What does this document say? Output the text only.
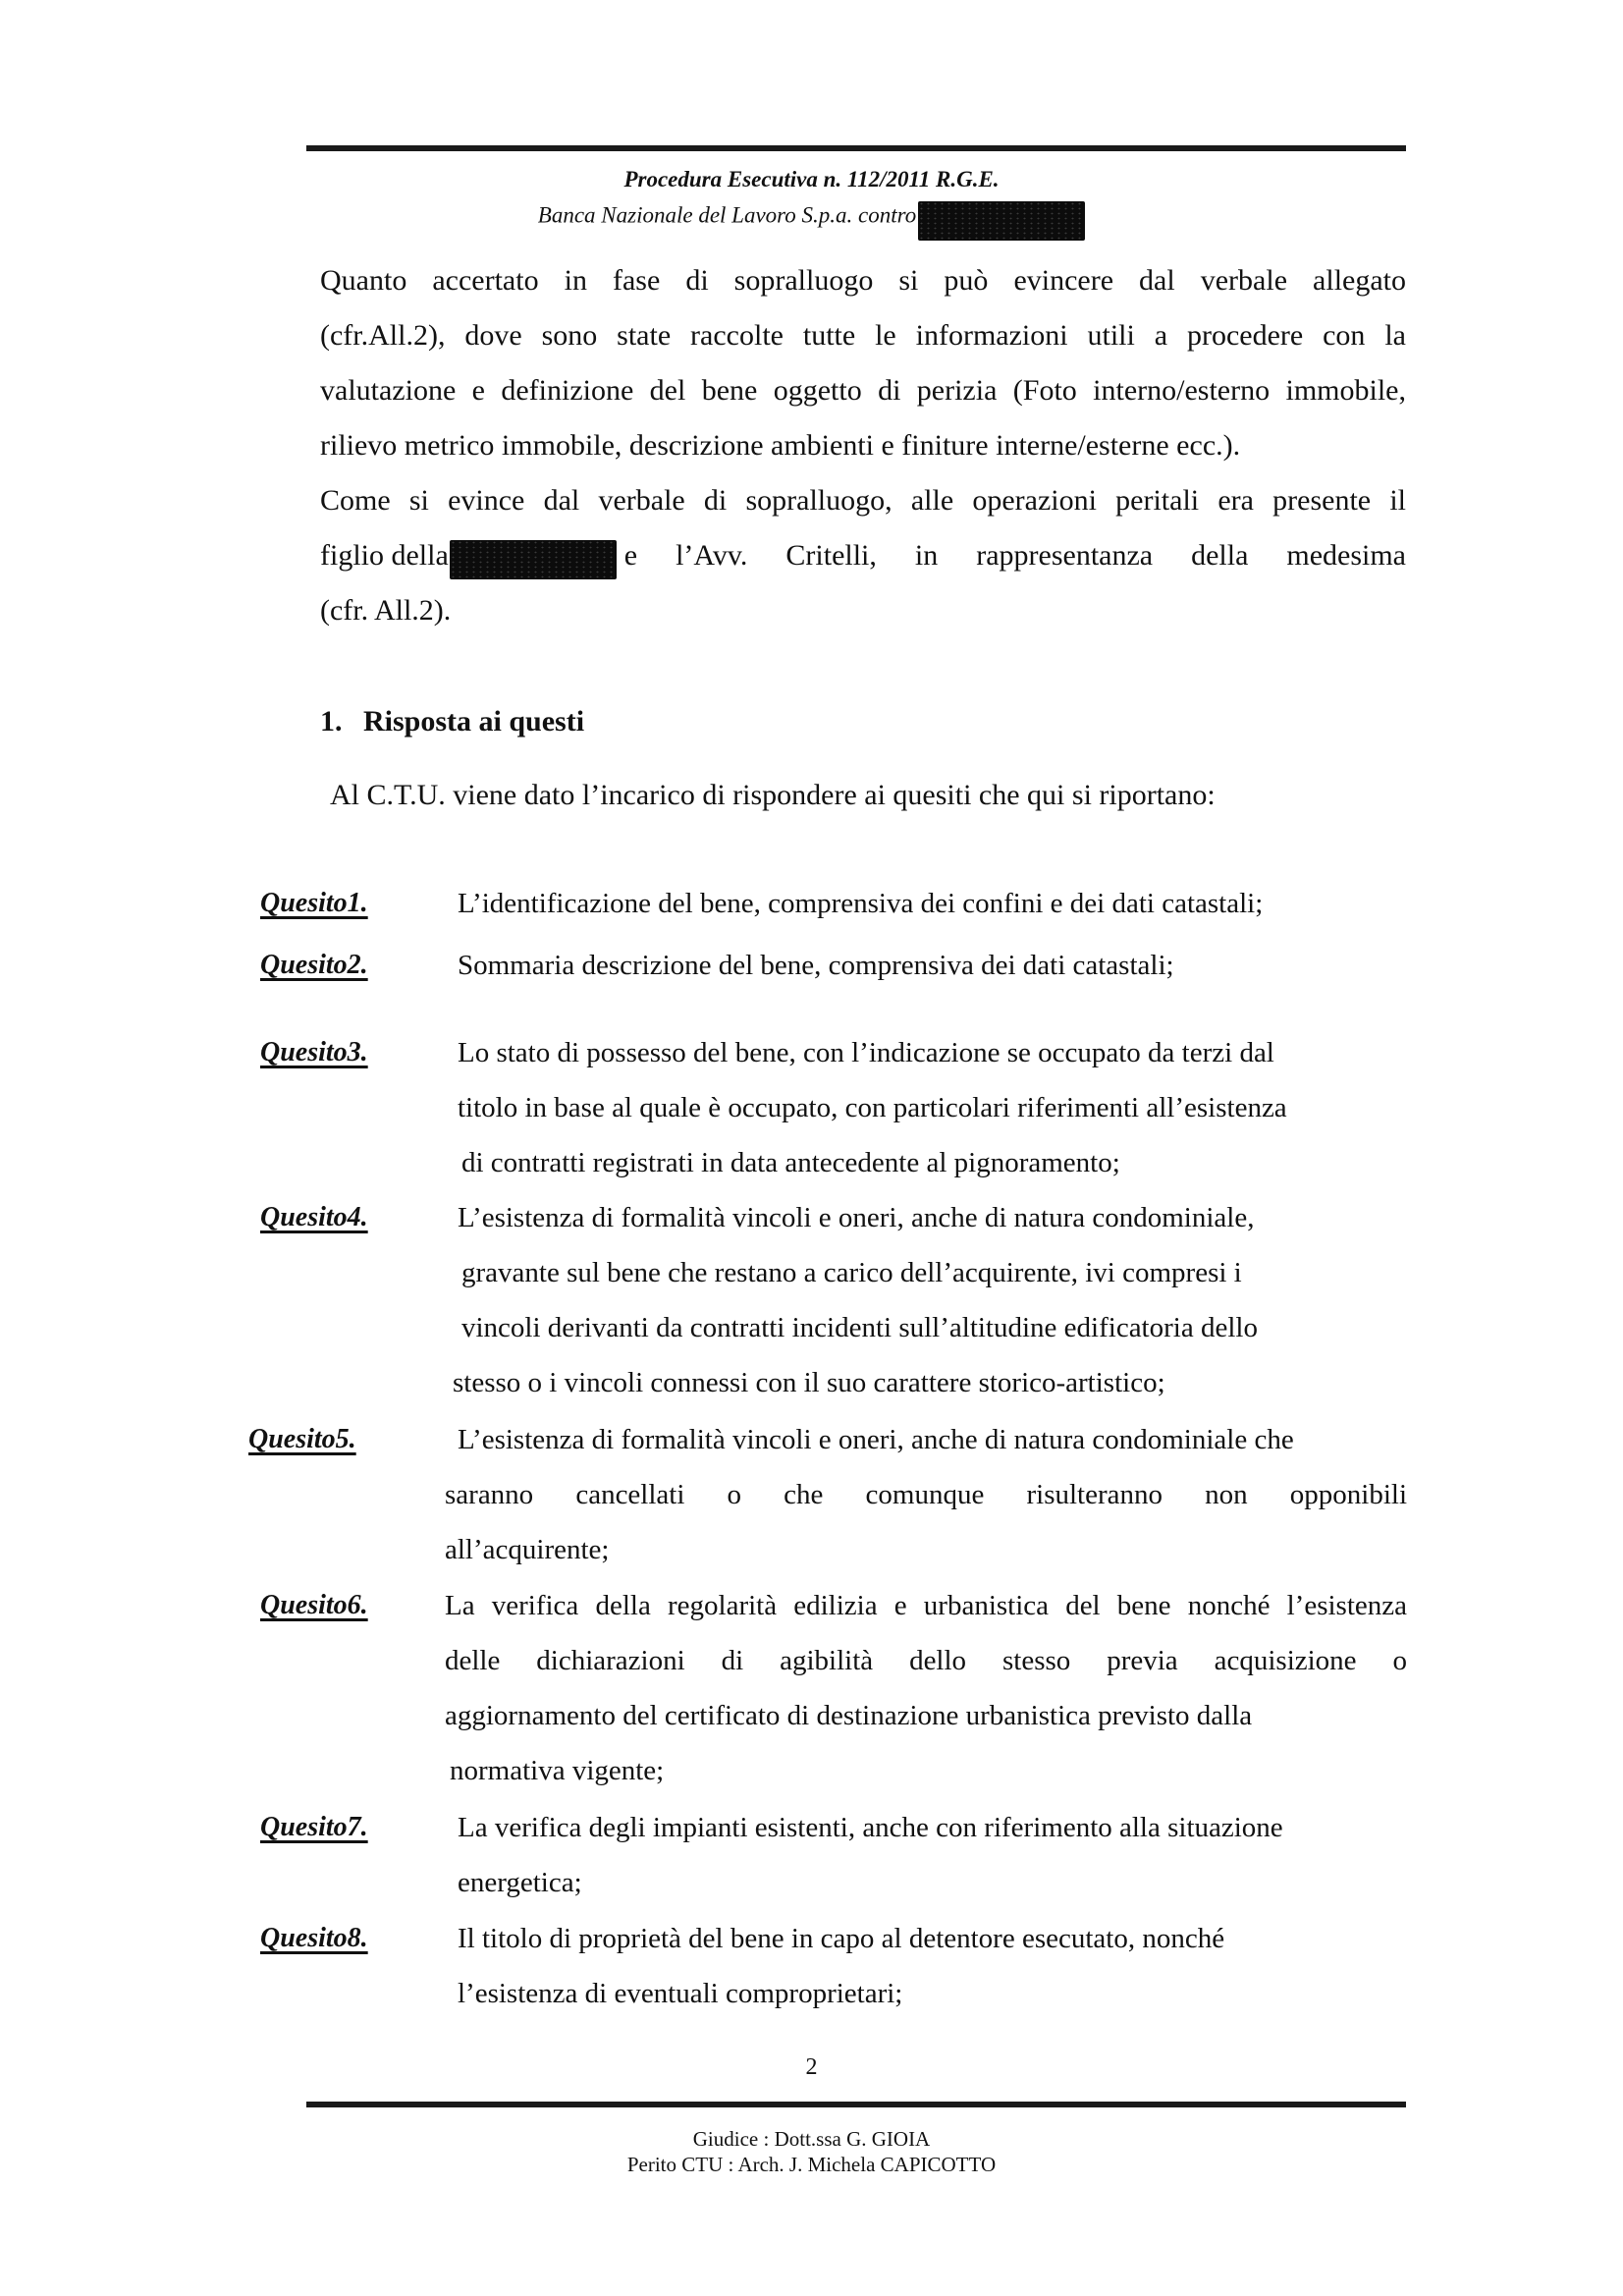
Procedura Esecutiva n. 112/2011 R.G.E.
Banca Nazionale del Lavoro S.p.a. contro
Quanto accertato in fase di sopralluogo si può evincere dal verbale allegato
(cfr.All.2), dove sono state raccolte tutte le informazioni utili a procedere con la
valutazione e definizione del bene oggetto di perizia (Foto interno/esterno immobile,
rilievo metrico immobile, descrizione ambienti e finiture interne/esterne ecc.).
Come si evince dal verbale di sopralluogo, alle operazioni peritali era presente il
figlio della	e l’Avv. Critelli, in rappresentanza della medesima
(cfr. All.2).
1. Risposta ai questi
Al C.T.U. viene dato l’incarico di rispondere ai quesiti che qui si riportano:
Quesito1.	L’identificazione del bene, comprensiva dei confini e dei dati catastali;
Quesito2.	Sommaria descrizione del bene, comprensiva dei dati catastali;
Quesito3.	Lo stato di possesso del bene, con l’indicazione se occupato da terzi dal
titolo in base al quale è occupato, con particolari riferimenti all’esistenza
di contratti registrati in data antecedente al pignoramento;
Quesito4.	L’esistenza di formalità vincoli e oneri, anche di natura condominiale,
gravante sul bene che restano a carico dell’acquirente, ivi compresi i
vincoli derivanti da contratti incidenti sull’altitudine edificatoria dello
stesso o i vincoli connessi con il suo carattere storico-artistico;
Quesito5.	L’esistenza di formalità vincoli e oneri, anche di natura condominiale che
saranno cancellati o che comunque risulteranno non opponibili
all’acquirente;
Quesito6.	La verifica della regolarità edilizia e urbanistica del bene nonché l’esistenza
delle dichiarazioni di agibilità dello stesso previa acquisizione o
aggiornamento del certificato di destinazione urbanistica previsto dalla
normativa vigente;
Quesito7.	La verifica degli impianti esistenti, anche con riferimento alla situazione
energetica;
Quesito8.	Il titolo di proprietà del bene in capo al detentore esecutato, nonché
l’esistenza di eventuali comproprietari;
2
Giudice : Dott.ssa G. GIOIA
Perito CTU : Arch. J. Michela CAPICOTTO
